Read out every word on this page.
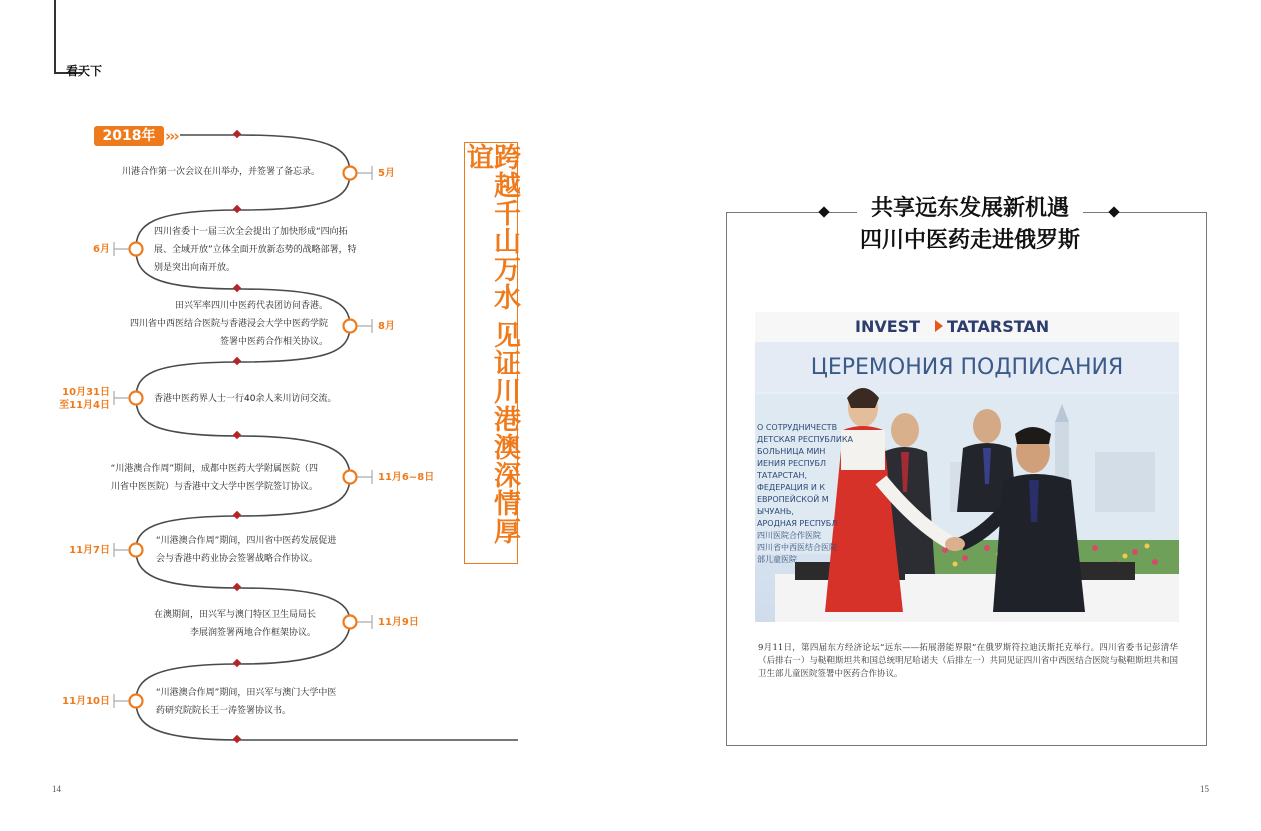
看天下
2018年 ›››
川港合作第一次会议在川举办，并签署了备忘录。
四川省委十一届三次全会提出了加快形成“四向拓
展、全域开放”立体全面开放新态势的战略部署，特
别是突出向南开放。
田兴军率四川中医药代表团访问香港。
四川省中西医结合医院与香港浸会大学中医药学院
签署中医药合作相关协议。
香港中医药界人士一行40余人来川访问交流。
“川港澳合作周”期间，成都中医药大学附属医院（四
川省中医医院）与香港中文大学中医学院签订协议。
“川港澳合作周”期间，四川省中医药发展促进
会与香港中药业协会签署战略合作协议。
在澳期间，田兴军与澳门特区卫生局局长
李展润签署两地合作框架协议。
“川港澳合作周”期间，田兴军与澳门大学中医
药研究院院长王一涛签署协议书。
5月
6月
8月
10月31日
至11月4日
11月6~8日
11月7日
11月9日
11月10日
跨越千山万水 见证川港澳深情厚谊
共享远东发展新机遇
四川中医药走进俄罗斯
INVEST TATARSTAN
ЦЕРЕМОНИЯ ПОДПИСАНИЯ
О СОТРУДНИЧЕСТВ
ДЕТСКАЯ РЕСПУБЛИКА
БОЛЬНИЦА МИН
ИЕНИЯ РЕСПУБЛ
ТАТАРСТАН,
ФЕДЕРАЦИЯ И К
ЕВРОПЕЙСКОЙ М
ЫЧУАНЬ,
АРОДНАЯ РЕСПУБЛ
四川医院合作医院
四川省中西医结合医院
部儿童医院
9月11日，第四届东方经济论坛“远东——拓展潜能界限”在俄罗斯符拉迪沃斯托克举行。四川省委书记彭清华（后排右一）与鞑靼斯坦共和国总统明尼哈诺夫（后排左一）共同见证四川省中西医结合医院与鞑靼斯坦共和国卫生部儿童医院签署中医药合作协议。
14	15
